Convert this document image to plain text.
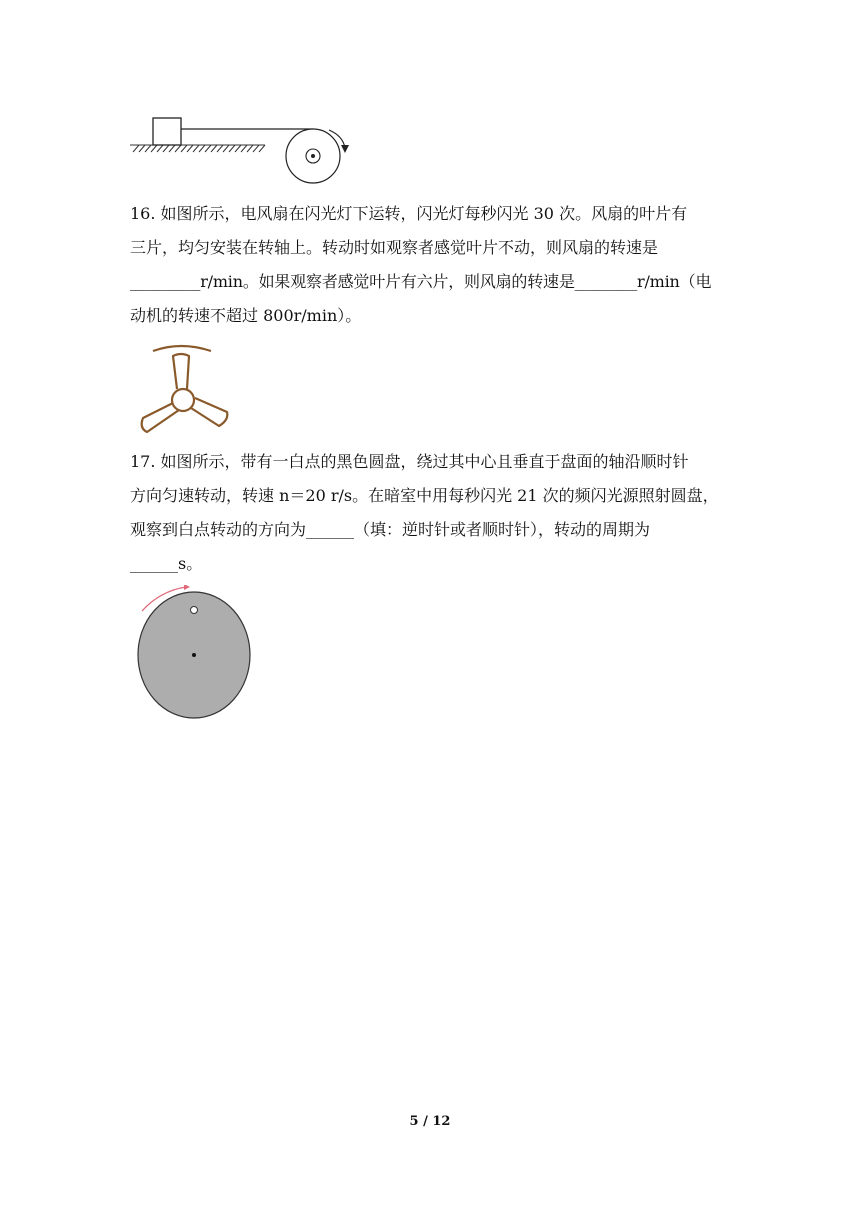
16. 如图所示，电风扇在闪光灯下运转，闪光灯每秒闪光 30 次。风扇的叶片有
三片，均匀安装在转轴上。转动时如观察者感觉叶片不动，则风扇的转速是
_________r/min。如果观察者感觉叶片有六片，则风扇的转速是________r/min（电
动机的转速不超过 800r/min）。
17. 如图所示，带有一白点的黑色圆盘，绕过其中心且垂直于盘面的轴沿顺时针
方向匀速转动，转速 n＝20 r/s。在暗室中用每秒闪光 21 次的频闪光源照射圆盘，
观察到白点转动的方向为______（填：逆时针或者顺时针），转动的周期为
______s。
5 / 12
